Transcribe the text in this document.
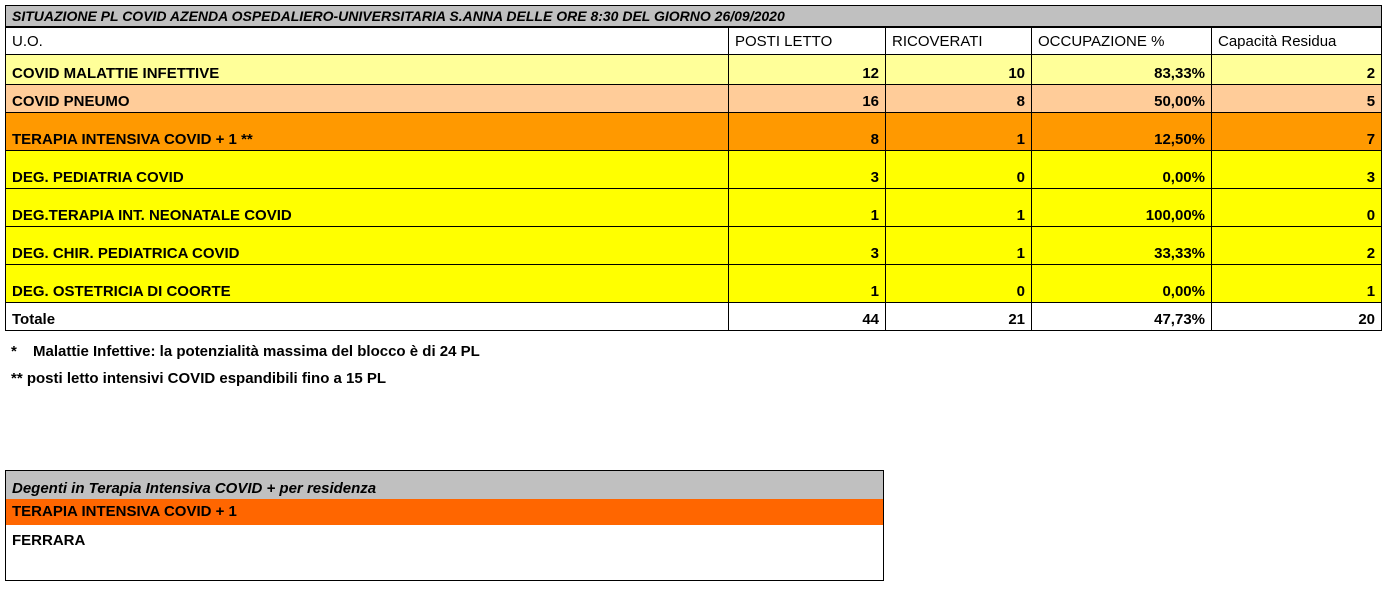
SITUAZIONE PL COVID AZENDA OSPEDALIERO-UNIVERSITARIA S.ANNA DELLE ORE 8:30 DEL GIORNO 26/09/2020				
U.O.	POSTI LETTO	RICOVERATI	OCCUPAZIONE %	Capacità Residua
COVID MALATTIE INFETTIVE	12	10	83,33%	2
COVID PNEUMO	16	8	50,00%	5
TERAPIA INTENSIVA COVID + 1 **	8	1	12,50%	7
DEG. PEDIATRIA COVID	3	0	0,00%	3
DEG.TERAPIA INT. NEONATALE COVID	1	1	100,00%	0
DEG. CHIR. PEDIATRICA COVID	3	1	33,33%	2
DEG. OSTETRICIA DI COORTE	1	0	0,00%	1
Totale	44	21	47,73%	20
* Malattie Infettive: la potenzialità massima del blocco è di 24 PL
** posti letto intensivi COVID espandibili fino a 15 PL
Degenti in Terapia Intensiva COVID + per residenza
TERAPIA INTENSIVA COVID + 1
FERRARA
